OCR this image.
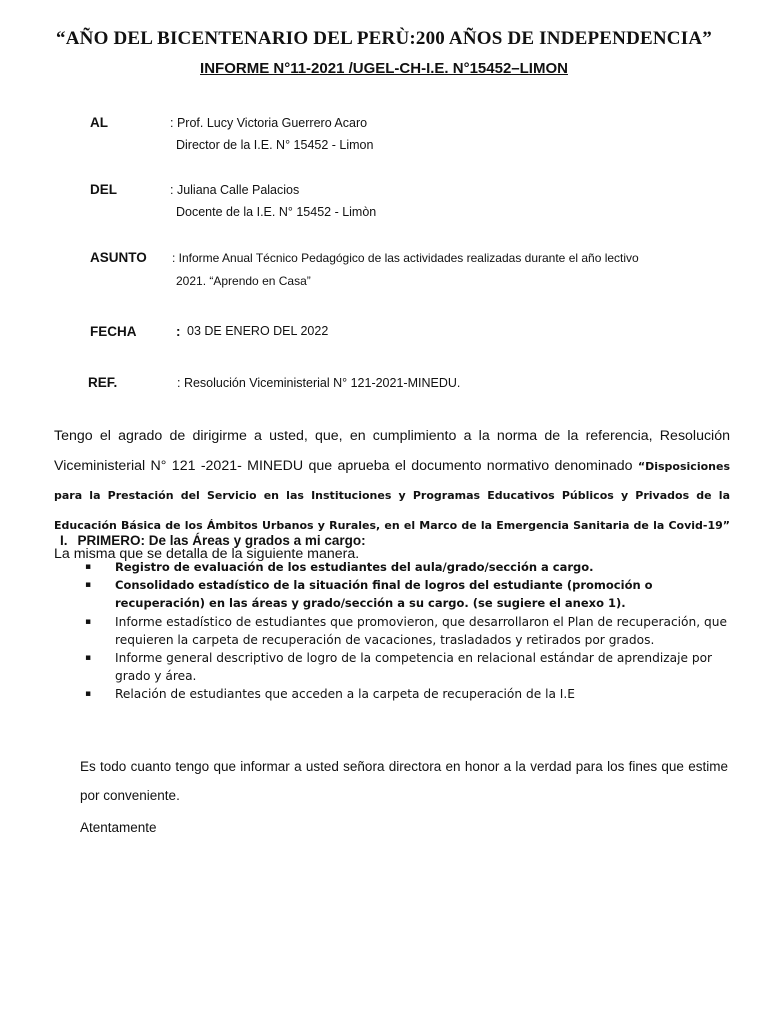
“AÑO DEL BICENTENARIO DEL PERÙ:200 AÑOS DE INDEPENDENCIA”
INFORME N°11-2021 /UGEL-CH-I.E. N°15452–LIMON
AL	: Prof. Lucy Victoria Guerrero Acaro
Director de la I.E. N° 15452 - Limon
DEL	: Juliana Calle Palacios
Docente de la I.E. N° 15452 - Limòn
ASUNTO : Informe Anual Técnico Pedagógico de las actividades realizadas durante el año lectivo
2021. “Aprendo en Casa”
FECHA	: 03 DE ENERO DEL 2022
REF.	: Resolución Viceministerial N° 121-2021-MINEDU.
Tengo el agrado de dirigirme a usted, que, en cumplimiento a la norma de la referencia, Resolución Viceministerial N° 121 -2021- MINEDU que aprueba el documento normativo denominado “Disposiciones para la Prestación del Servicio en las Instituciones y Programas Educativos Públicos y Privados de la Educación Básica de los Ámbitos Urbanos y Rurales, en el Marco de la Emergencia Sanitaria de la Covid-19” La misma que se detalla de la siguiente manera.
I. PRIMERO: De las Áreas y grados a mi cargo:
▪ Registro de evaluación de los estudiantes del aula/grado/sección a cargo.
▪ Consolidado estadístico de la situación final de logros del estudiante (promoción o recuperación) en las áreas y grado/sección a su cargo. (se sugiere el anexo 1).
▪ Informe estadístico de estudiantes que promovieron, que desarrollaron el Plan de recuperación, que requieren la carpeta de recuperación de vacaciones, trasladados y retirados por grados.
▪ Informe general descriptivo de logro de la competencia en relacional estándar de aprendizaje por grado y área.
▪ Relación de estudiantes que acceden a la carpeta de recuperación de la I.E
Es todo cuanto tengo que informar a usted señora directora en honor a la verdad para los fines que estime por conveniente.
Atentamente
